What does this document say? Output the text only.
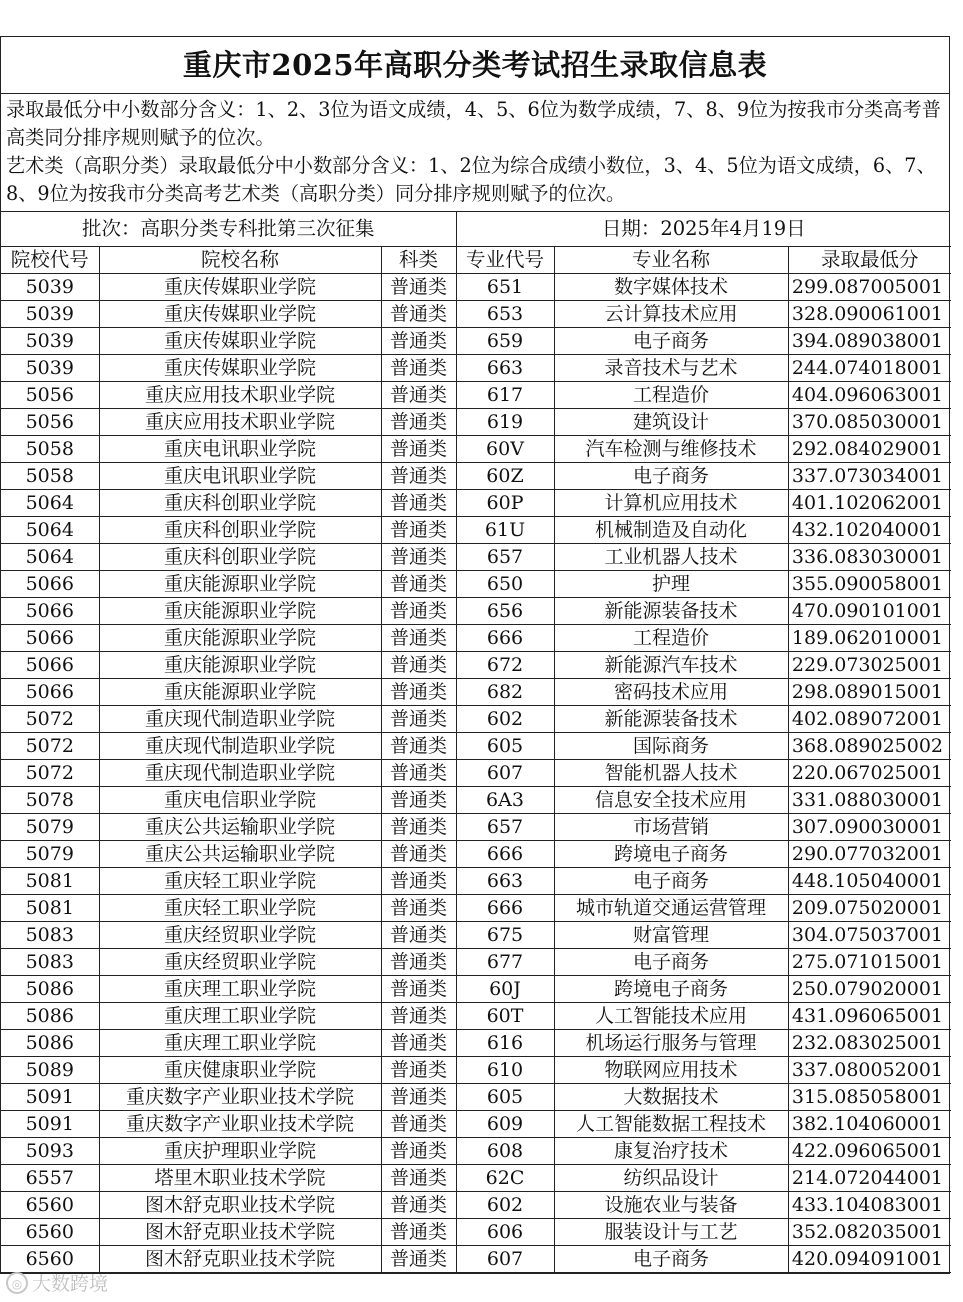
重庆市2025年高职分类考试招生录取信息表

录取最低分中小数部分含义：1、2、3位为语文成绩，4、5、6位为数学成绩，7、8、9位为按我市分类高考普高类同分排序规则赋予的位次。

艺术类（高职分类）录取最低分中小数部分含义：1、2位为综合成绩小数位，3、4、5位为语文成绩，6、7、8、9位为按我市分类高考艺术类（高职分类）同分排序规则赋予的位次。

批次：高职分类专科批第三次征集			日期：2025年4月19日		
院校代号	院校名称	科类	专业代号	专业名称	录取最低分
5039	重庆传媒职业学院	普通类	651	数字媒体技术	299.087005001
5039	重庆传媒职业学院	普通类	653	云计算技术应用	328.090061001
5039	重庆传媒职业学院	普通类	659	电子商务	394.089038001
5039	重庆传媒职业学院	普通类	663	录音技术与艺术	244.074018001
5056	重庆应用技术职业学院	普通类	617	工程造价	404.096063001
5056	重庆应用技术职业学院	普通类	619	建筑设计	370.085030001
5058	重庆电讯职业学院	普通类	60V	汽车检测与维修技术	292.084029001
5058	重庆电讯职业学院	普通类	60Z	电子商务	337.073034001
5064	重庆科创职业学院	普通类	60P	计算机应用技术	401.102062001
5064	重庆科创职业学院	普通类	61U	机械制造及自动化	432.102040001
5064	重庆科创职业学院	普通类	657	工业机器人技术	336.083030001
5066	重庆能源职业学院	普通类	650	护理	355.090058001
5066	重庆能源职业学院	普通类	656	新能源装备技术	470.090101001
5066	重庆能源职业学院	普通类	666	工程造价	189.062010001
5066	重庆能源职业学院	普通类	672	新能源汽车技术	229.073025001
5066	重庆能源职业学院	普通类	682	密码技术应用	298.089015001
5072	重庆现代制造职业学院	普通类	602	新能源装备技术	402.089072001
5072	重庆现代制造职业学院	普通类	605	国际商务	368.089025002
5072	重庆现代制造职业学院	普通类	607	智能机器人技术	220.067025001
5078	重庆电信职业学院	普通类	6A3	信息安全技术应用	331.088030001
5079	重庆公共运输职业学院	普通类	657	市场营销	307.090030001
5079	重庆公共运输职业学院	普通类	666	跨境电子商务	290.077032001
5081	重庆轻工职业学院	普通类	663	电子商务	448.105040001
5081	重庆轻工职业学院	普通类	666	城市轨道交通运营管理	209.075020001
5083	重庆经贸职业学院	普通类	675	财富管理	304.075037001
5083	重庆经贸职业学院	普通类	677	电子商务	275.071015001
5086	重庆理工职业学院	普通类	60J	跨境电子商务	250.079020001
5086	重庆理工职业学院	普通类	60T	人工智能技术应用	431.096065001
5086	重庆理工职业学院	普通类	616	机场运行服务与管理	232.083025001
5089	重庆健康职业学院	普通类	610	物联网应用技术	337.080052001
5091	重庆数字产业职业技术学院	普通类	605	大数据技术	315.085058001
5091	重庆数字产业职业技术学院	普通类	609	人工智能数据工程技术	382.104060001
5093	重庆护理职业学院	普通类	608	康复治疗技术	422.096065001
6557	塔里木职业技术学院	普通类	62C	纺织品设计	214.072044001
6560	图木舒克职业技术学院	普通类	602	设施农业与装备	433.104083001
6560	图木舒克职业技术学院	普通类	606	服装设计与工艺	352.082035001
6560	图木舒克职业技术学院	普通类	607	电子商务	420.094091001
◎ 大数跨境
